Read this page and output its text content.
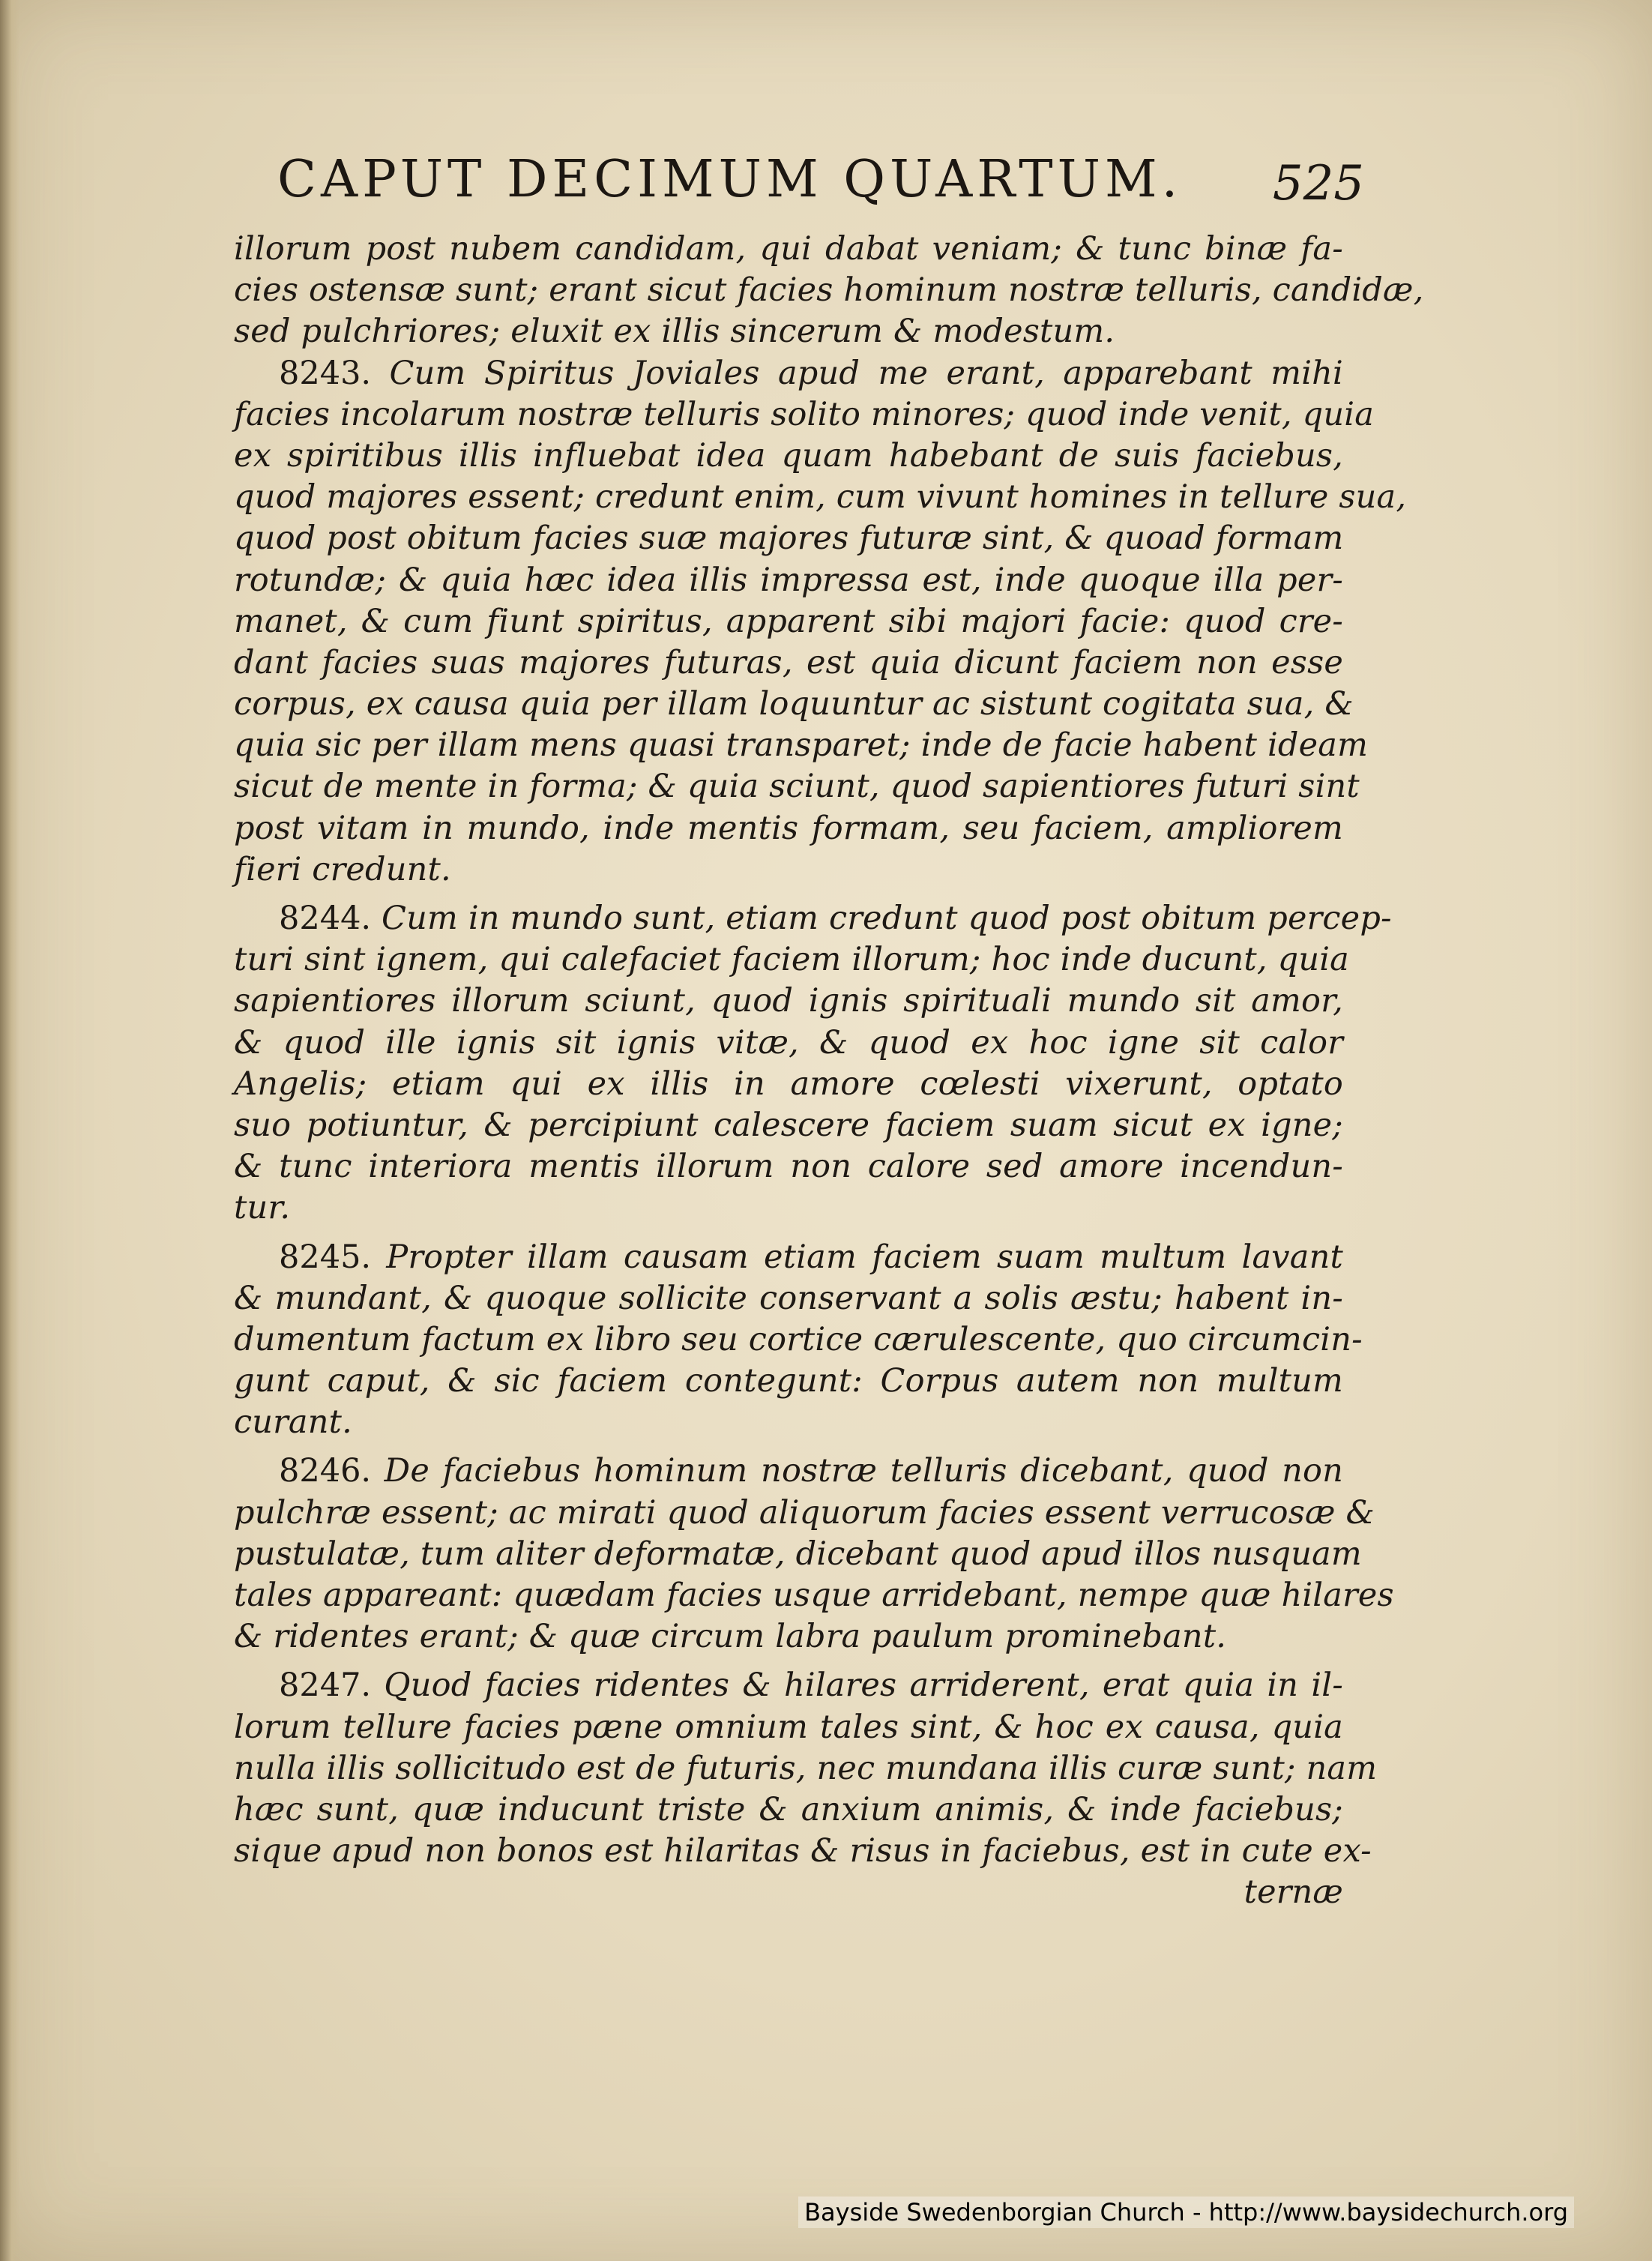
CAPUT DECIMUM QUARTUM. 525
illorum post nubem candidam, qui dabat veniam; & tunc binæ fa-
cies ostensæ sunt; erant sicut facies hominum nostræ telluris, candidæ,
sed pulchriores; eluxit ex illis sincerum & modestum.
8243. Cum Spiritus Joviales apud me erant, apparebant mihi
facies incolarum nostræ telluris solito minores; quod inde venit, quia
ex spiritibus illis influebat idea quam habebant de suis faciebus,
quod majores essent; credunt enim, cum vivunt homines in tellure sua,
quod post obitum facies suæ majores futuræ sint, & quoad formam
rotundæ; & quia hæc idea illis impressa est, inde quoque illa per-
manet, & cum fiunt spiritus, apparent sibi majori facie: quod cre-
dant facies suas majores futuras, est quia dicunt faciem non esse
corpus, ex causa quia per illam loquuntur ac sistunt cogitata sua, &
quia sic per illam mens quasi transparet; inde de facie habent ideam
sicut de mente in forma; & quia sciunt, quod sapientiores futuri sint
post vitam in mundo, inde mentis formam, seu faciem, ampliorem
fieri credunt.
8244. Cum in mundo sunt, etiam credunt quod post obitum percep-
turi sint ignem, qui calefaciet faciem illorum; hoc inde ducunt, quia
sapientiores illorum sciunt, quod ignis spirituali mundo sit amor,
& quod ille ignis sit ignis vitæ, & quod ex hoc igne sit calor
Angelis; etiam qui ex illis in amore cœlesti vixerunt, optato
suo potiuntur, & percipiunt calescere faciem suam sicut ex igne;
& tunc interiora mentis illorum non calore sed amore incendun-
tur.
8245. Propter illam causam etiam faciem suam multum lavant
& mundant, & quoque sollicite conservant a solis æstu; habent in-
dumentum factum ex libro seu cortice cærulescente, quo circumcin-
gunt caput, & sic faciem contegunt: Corpus autem non multum
curant.
8246. De faciebus hominum nostræ telluris dicebant, quod non
pulchræ essent; ac mirati quod aliquorum facies essent verrucosæ &
pustulatæ, tum aliter deformatæ, dicebant quod apud illos nusquam
tales appareant: quædam facies usque arridebant, nempe quæ hilares
& ridentes erant; & quæ circum labra paulum prominebant.
8247. Quod facies ridentes & hilares arriderent, erat quia in il-
lorum tellure facies pæne omnium tales sint, & hoc ex causa, quia
nulla illis sollicitudo est de futuris, nec mundana illis curæ sunt; nam
hæc sunt, quæ inducunt triste & anxium animis, & inde faciebus;
sique apud non bonos est hilaritas & risus in faciebus, est in cute ex-
ternæ
Bayside Swedenborgian Church - http://www.baysidechurch.org
